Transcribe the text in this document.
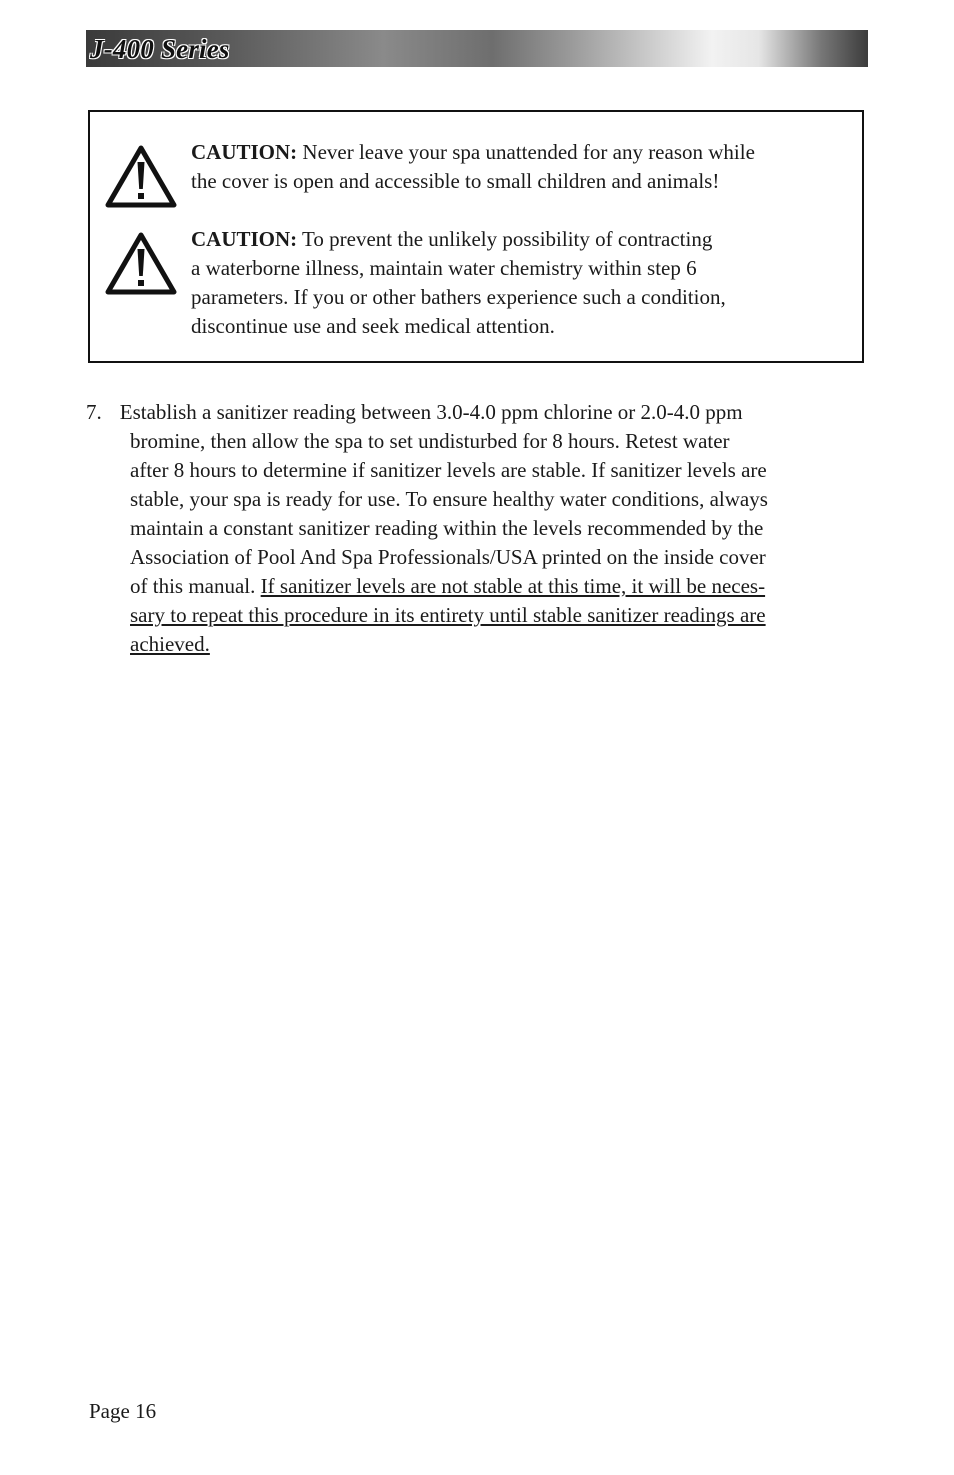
J-400 Series
CAUTION: Never leave your spa unattended for any reason while
the cover is open and accessible to small children and animals!
CAUTION: To prevent the unlikely possibility of contracting
a waterborne illness, maintain water chemistry within step 6
parameters. If you or other bathers experience such a condition,
discontinue use and seek medical attention.
7. Establish a sanitizer reading between 3.0-4.0 ppm chlorine or 2.0-4.0 ppm
bromine, then allow the spa to set undisturbed for 8 hours. Retest water
after 8 hours to determine if sanitizer levels are stable. If sanitizer levels are
stable, your spa is ready for use. To ensure healthy water conditions, always
maintain a constant sanitizer reading within the levels recommended by the
Association of Pool And Spa Professionals/USA printed on the inside cover
of this manual. If sanitizer levels are not stable at this time, it will be neces-
sary to repeat this procedure in its entirety until stable sanitizer readings are
achieved.
Page 16
